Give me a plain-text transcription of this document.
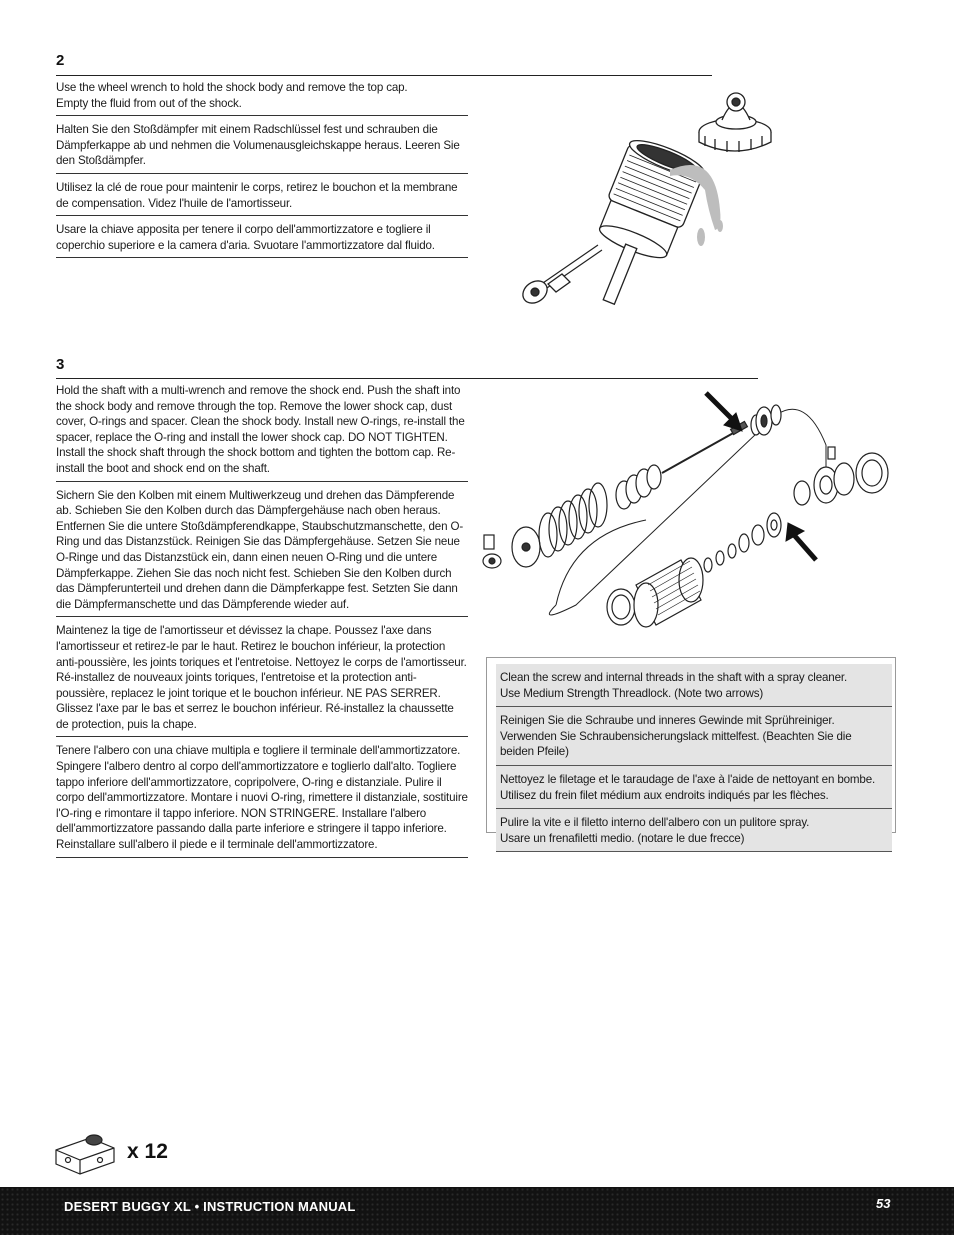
2
Use the wheel wrench to hold the shock body and remove the top cap.
Empty the fluid from out of the shock.
Halten Sie den Stoßdämpfer mit einem Radschlüssel fest und schrauben die Dämpferkappe ab und nehmen die Volumenausgleichskappe heraus. Leeren Sie den Stoßdämpfer.
Utilisez la clé de roue pour maintenir le corps, retirez le bouchon et la membrane de compensation. Videz l'huile de l'amortisseur.
Usare la chiave apposita per tenere il corpo dell'ammortizzatore e togliere il coperchio superiore e la camera d'aria. Svuotare l'ammortizzatore dal fluido.
3
Hold the shaft with a multi-wrench and remove the shock end. Push the shaft into the shock body and remove through the top. Remove the lower shock cap, dust cover, O-rings and spacer. Clean the shock body. Install new O-rings, re-install the spacer, replace the O-ring and install the lower shock cap. DO NOT TIGHTEN. Install the shock shaft through the shock bottom and tighten the bottom cap. Re-install the boot and shock end on the shaft.
Sichern Sie den Kolben mit einem Multiwerkzeug und drehen das Dämpferende ab. Schieben Sie den Kolben durch das Dämpfergehäuse nach oben heraus. Entfernen Sie die untere Stoßdämpferendkappe, Staubschutzmanschette, den O-Ring und das Distanzstück. Reinigen Sie das Dämpfergehäuse. Setzen Sie neue O-Ringe und das Distanzstück ein, dann einen neuen O-Ring und die untere Dämpferkappe. Ziehen Sie das noch nicht fest. Schieben Sie den Kolben durch das Dämpferunterteil und drehen dann die Dämpferkappe fest. Setzten Sie dann die Dämpfermanschette und das Dämpferende wieder auf.
Maintenez la tige de l'amortisseur et dévissez la chape. Poussez l'axe dans l'amortisseur et retirez-le par le haut. Retirez le bouchon inférieur, la protection anti-poussière, les joints toriques et l'entretoise. Nettoyez le corps de l'amortisseur. Ré-installez de nouveaux joints toriques, l'entretoise et la protection anti-poussière, replacez le joint torique et le bouchon inférieur. NE PAS SERRER. Glissez l'axe par le bas et serrez le bouchon inférieur. Ré-installez la chaussette de protection, puis la chape.
Tenere l'albero con una chiave multipla e togliere il terminale dell'ammortizzatore. Spingere l'albero dentro al corpo dell'ammortizzatore e toglierlo dall'alto. Togliere tappo inferiore dell'ammortizzatore, copripolvere, O-ring e distanziale. Pulire il corpo dell'ammortizzatore. Montare i nuovi O-ring, rimettere il distanziale, sostituire l'O-ring e rimontare il tappo inferiore. NON STRINGERE. Installare l'albero dell'ammortizzatore passando dalla parte inferiore e stringere il tappo inferiore. Reinstallare sull'albero il piede e il terminale dell'ammortizzatore.
Clean the screw and internal threads in the shaft with a spray cleaner.
Use Medium Strength Threadlock. (Note two arrows)
Reinigen Sie die Schraube und inneres Gewinde mit Sprühreiniger. Verwenden Sie Schraubensicherungslack mittelfest. (Beachten Sie die beiden Pfeile)
Nettoyez le filetage et le taraudage de l'axe à l'aide de nettoyant en bombe. Utilisez du frein filet médium aux endroits indiqués par les flèches.
Pulire la vite e il filetto interno dell'albero con un pulitore spray.
Usare un frenafiletti medio. (notare le due frecce)
x 12
DESERT BUGGY XL • INSTRUCTION MANUAL	53
